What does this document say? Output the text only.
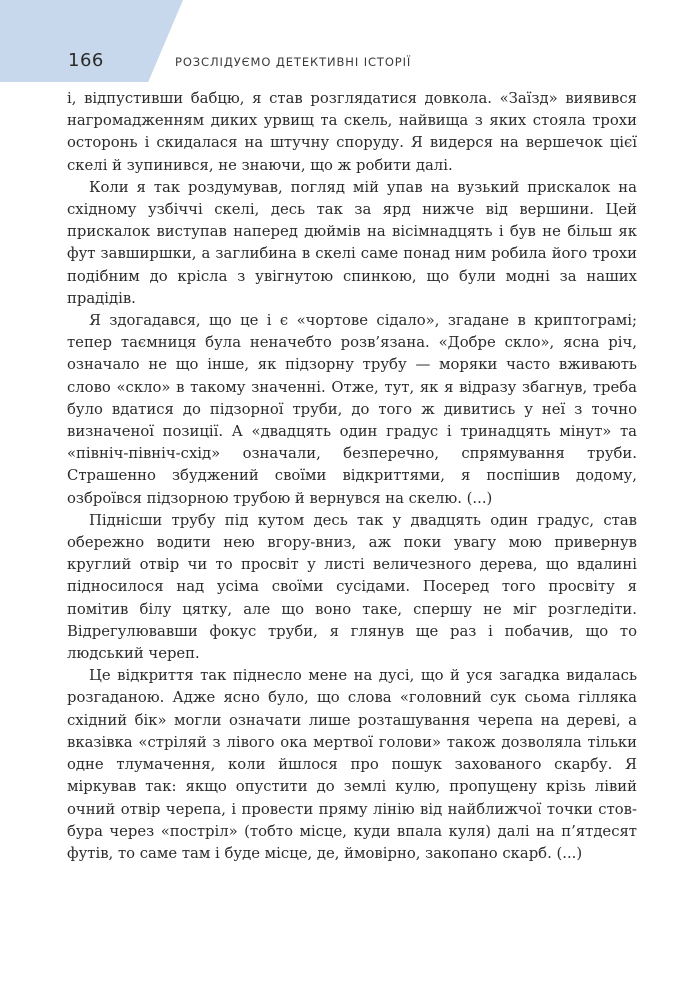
166	РОЗСЛІДУЄМО ДЕТЕКТИВНІ ІСТОРІЇ

і, відпустивши бабцю, я став розглядатися довкола. «Заїзд» виявився нагромадженням диких урвищ та скель, найвища з яких стояла трохи осторонь і скидалася на штучну споруду. Я видерся на вершечок цієї скелі й зупинився, не знаючи, що ж робити далі.

Коли я так роздумував, погляд мій упав на вузький прискалок на східному узбіччі скелі, десь так за ярд нижче від вершини. Цей прискалок виступав наперед дюймів на вісімнадцять і був не більш як фут завширшки, а заглибина в скелі саме понад ним робила його трохи подібним до крісла з увігнутою спинкою, що були модні за наших прадідів.

Я здогадався, що це і є «чортове сідало», згадане в криптограмі; тепер таємниця була неначебто розв’язана. «Добре скло», ясна річ, означало не що інше, як підзорну трубу — моряки часто вживають слово «скло» в такому значенні. Отже, тут, як я відразу збагнув, треба було вдатися до підзорної труби, до того ж дивитись у неї з точно визначеної позиції. А «двадцять один градус і тринадцять мінут» та «північ-північ-схід» означали, безперечно, спрямування труби. Страшенно збуджений своїми відкриттями, я поспішив додому, озброївся підзорною трубою й вернувся на скелю. (...)

Піднісши трубу під кутом десь так у двадцять один градус, став обережно водити нею вгору-вниз, аж поки увагу мою привернув круглий отвір чи то просвіт у листі величезного дерева, що вдалині підносилося над усіма своїми сусідами. Посеред того просвіту я помітив білу цятку, але що воно таке, спершу не міг розгледіти. Відрегулювавши фокус труби, я глянув ще раз і побачив, що то людський череп.

Це відкриття так піднесло мене на дусі, що й уся загадка видалась розгаданою. Адже ясно було, що слова «головний сук сьома гілляка східний бік» могли означати лише розташування черепа на дереві, а вказівка «стріляй з лівого ока мертвої голови» також дозволяла тільки одне тлумачення, коли йшлося про пошук захованого скарбу. Я міркував так: якщо опустити до землі кулю, пропущену крізь лівий очний отвір черепа, і провести пряму лінію від найближчої точки стовбура через «постріл» (тобто місце, куди впала куля) далі на п’ятдесят футів, то саме там і буде місце, де, ймовірно, закопано скарб. (...)
